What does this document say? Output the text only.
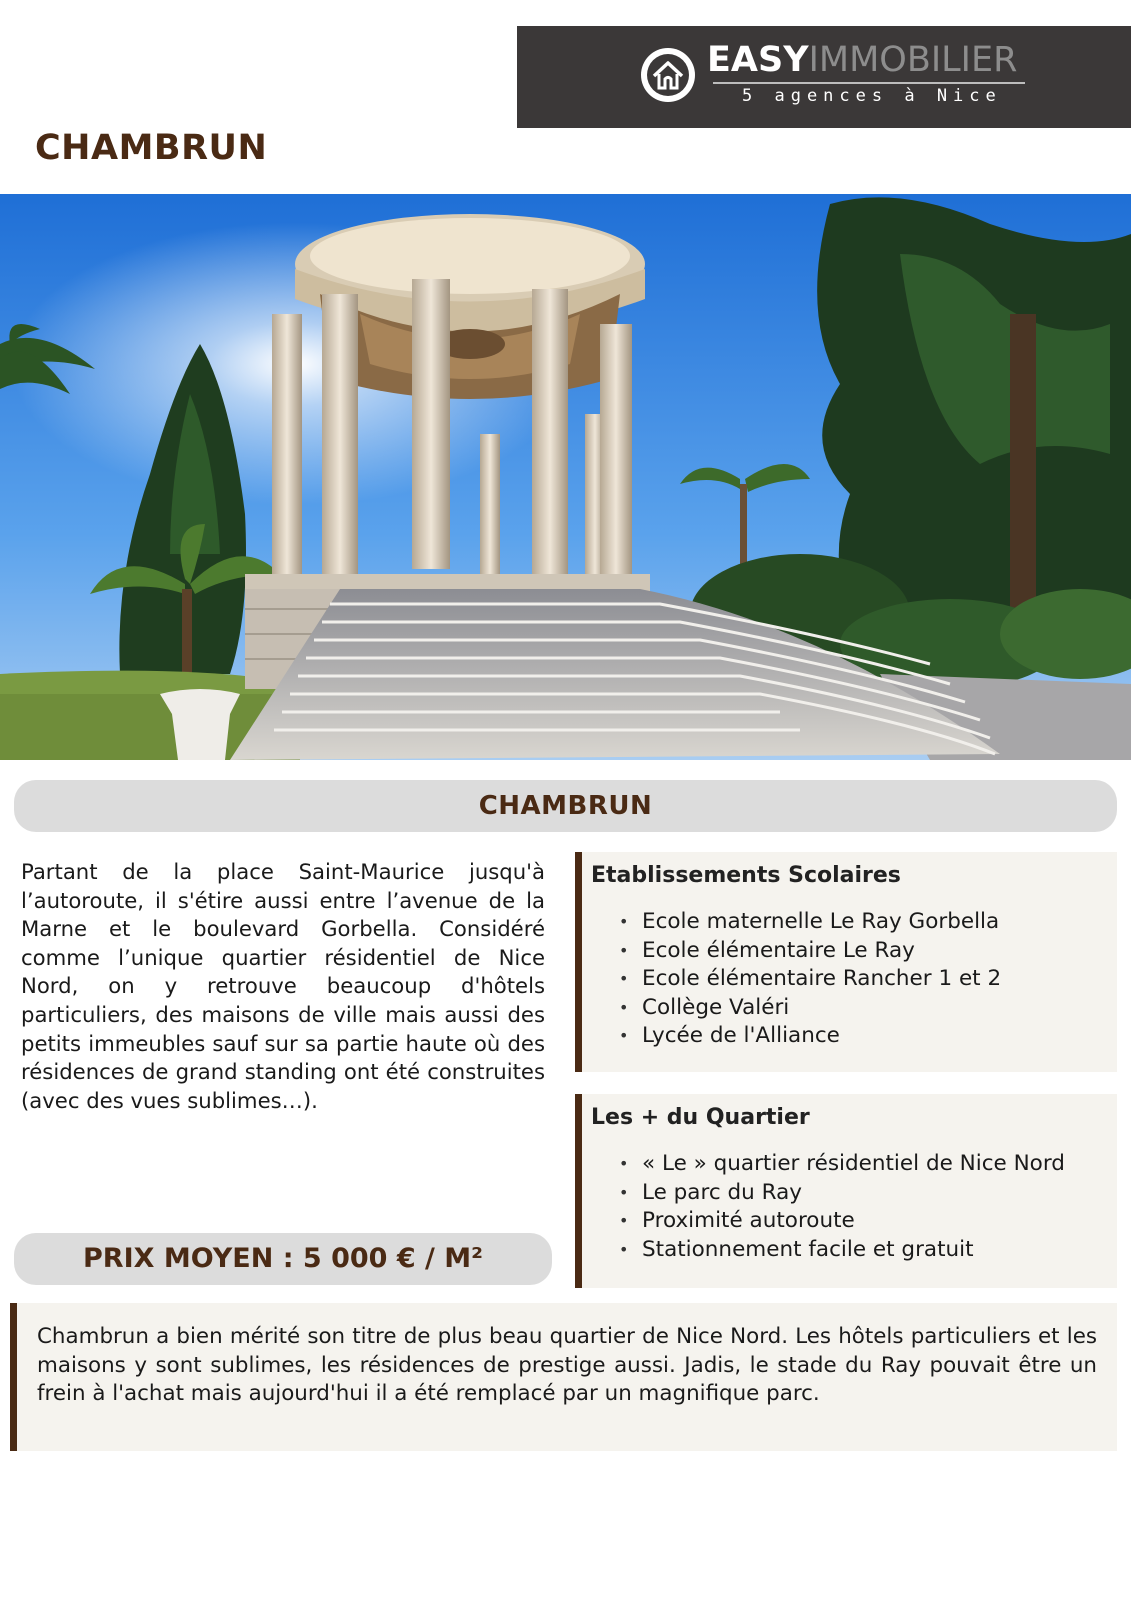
EASYIMMOBILIER
5 agences à Nice
CHAMBRUN
CHAMBRUN

Partant de la place Saint-Maurice jusqu'à l’autoroute, il s'étire aussi entre l’avenue de la Marne et le boulevard Gorbella. Considéré comme l’unique quartier résidentiel de Nice Nord, on y retrouve beaucoup d'hôtels particuliers, des maisons de ville mais aussi des petits immeubles sauf sur sa partie haute où des résidences de grand standing ont été construites (avec des vues sublimes…).

PRIX MOYEN : 5 000 € / M²
Etablissements Scolaires
• Ecole maternelle Le Ray Gorbella
• Ecole élémentaire Le Ray
• Ecole élémentaire Rancher 1 et 2
• Collège Valéri
• Lycée de l'Alliance
Les + du Quartier
• « Le » quartier résidentiel de Nice Nord
• Le parc du Ray
• Proximité autoroute
• Stationnement facile et gratuit

Chambrun a bien mérité son titre de plus beau quartier de Nice Nord. Les hôtels particuliers et les maisons y sont sublimes, les résidences de prestige aussi. Jadis, le stade du Ray pouvait être un frein à l'achat mais aujourd'hui il a été remplacé par un magnifique parc.
